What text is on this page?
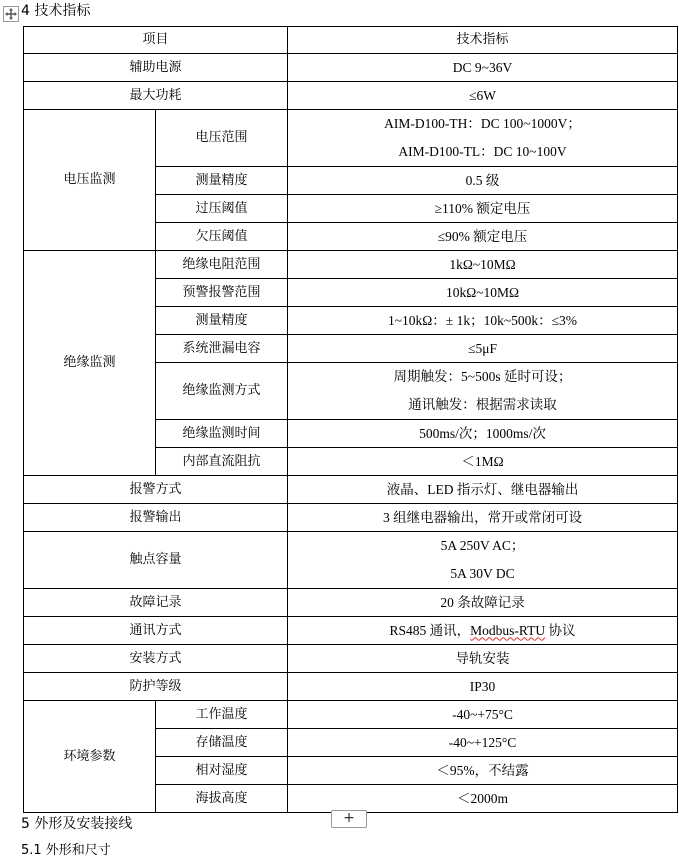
4 技术指标
项目		技术指标
辅助电源		DC 9~36V
最大功耗		≤6W
电压监测	电压范围	AIM-D100-TH：DC 100~1000V；
AIM-D100-TL：DC 10~100V

	测量精度	0.5 级
	过压阈值	≥110% 额定电压
	欠压阈值	≤90% 额定电压
绝缘监测	绝缘电阻范围	1kΩ~10MΩ
	预警报警范围	10kΩ~10MΩ
	测量精度	1~10kΩ：± 1k；10k~500k：≤3%
	系统泄漏电容	≤5μF
	绝缘监测方式	周期触发：5~500s 延时可设；
通讯触发：根据需求读取

	绝缘监测时间	500ms/次；1000ms/次
	内部直流阻抗	＜1MΩ
报警方式		液晶、LED 指示灯、继电器输出
报警输出		3 组继电器输出，常开或常闭可设
触点容量		5A 250V AC；
5A 30V DC

故障记录		20 条故障记录
通讯方式		RS485 通讯，Modbus-RTU 协议
安装方式		导轨安装
防护等级		IP30
环境参数	工作温度	-40~+75°C
	存储温度	-40~+125°C
	相对湿度	＜95%，不结露
	海拔高度	＜2000m
+
5 外形及安装接线
5.1 外形和尺寸
